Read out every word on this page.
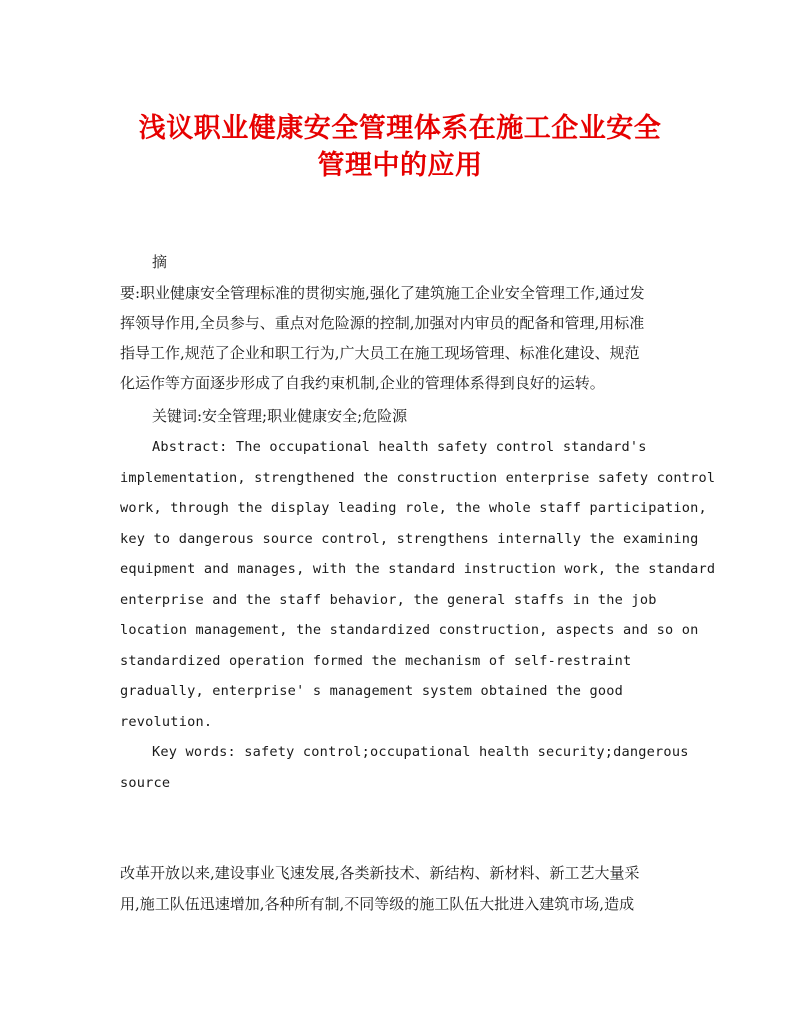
浅议职业健康安全管理体系在施工企业安全
管理中的应用
摘
要:职业健康安全管理标准的贯彻实施,强化了建筑施工企业安全管理工作,通过发
挥领导作用,全员参与、重点对危险源的控制,加强对内审员的配备和管理,用标准
指导工作,规范了企业和职工行为,广大员工在施工现场管理、标准化建设、规范
化运作等方面逐步形成了自我约束机制,企业的管理体系得到良好的运转。
关键词:安全管理;职业健康安全;危险源
Abstract: The occupational health safety control standard's
implementation, strengthened the construction enterprise safety control
work, through the display leading role, the whole staff participation,
key to dangerous source control, strengthens internally the examining
equipment and manages, with the standard instruction work, the standard
enterprise and the staff behavior, the general staffs in the job
location management, the standardized construction, aspects and so on
standardized operation formed the mechanism of self-restraint
gradually, enterprise' s management system obtained the good
revolution.
Key words: safety control;occupational health security;dangerous
source
改革开放以来,建设事业飞速发展,各类新技术、新结构、新材料、新工艺大量采
用,施工队伍迅速增加,各种所有制,不同等级的施工队伍大批进入建筑市场,造成
